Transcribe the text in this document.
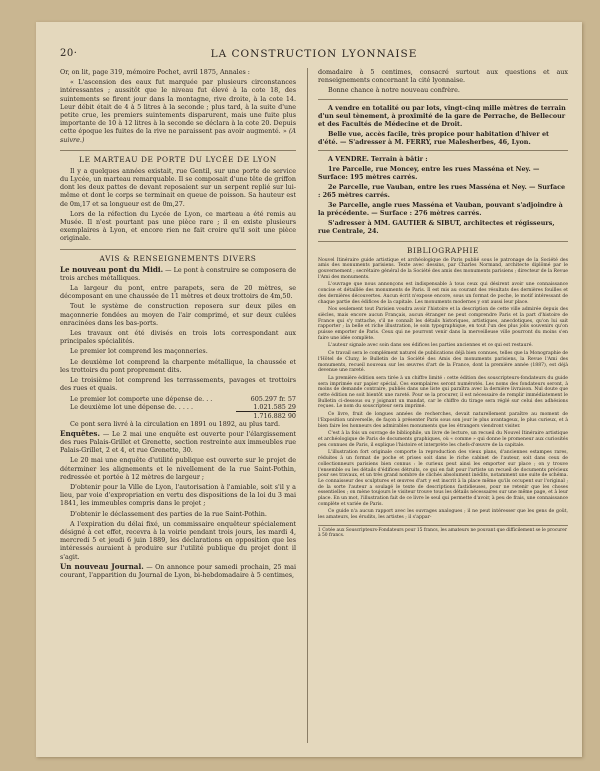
20·	LA CONSTRUCTION LYONNAISE

Or, on lit, page 319, mémoire Pochet, avril 1875, Annales :

« L'ascension des eaux fut marquée par plusieurs circonstances intéressantes ; aussitôt que le niveau fut élevé à la cote 18, des suintements se firent jour dans la montagne, rive droite, à la cote 14. Leur débit était de 4 à 5 litres à la seconde ; plus tard, à la suite d'une petite crue, les premiers suintements disparurent, mais une fuite plus importante de 10 à 12 litres à la seconde se déclara à la cote 20. Depuis cette époque les fuites de la rive ne paraissent pas avoir augmenté. » (A suivre.)

LE MARTEAU DE PORTE DU LYCÉE DE LYON

Il y a quelques années existait, rue Gentil, sur une porte de service du Lycée, un marteau remarquable. Il se composait d'une tête de griffon dont les deux pattes de devant reposaient sur un serpent replié sur lui-même et dont le corps se terminait en queue de poisson. Sa hauteur est de 0m,17 et sa longueur est de 0m,27.

Lors de la réfection du Lycée de Lyon, ce marteau a été remis au Musée. Il n'est pourtant pas une pièce rare ; il en existe plusieurs exemplaires à Lyon, et encore rien ne fait croire qu'il soit une pièce originale.

AVIS & RENSEIGNEMENTS DIVERS

Le nouveau pont du Midi. — Le pont à construire se composera de trois arches métalliques.

La largeur du pont, entre parapets, sera de 20 mètres, se décomposant en une chaussée de 11 mètres et deux trottoirs de 4m,50.

Tout le système de construction reposera sur deux piles en maçonnerie fondées au moyen de l'air comprimé, et sur deux culées enracinées dans les bas-ports.

Les travaux ont été divisés en trois lots correspondant aux principales spécialités.

Le premier lot comprend les maçonneries.

Le deuxième lot comprend la charpente métallique, la chaussée et les trottoirs du pont proprement dits.

Le troisième lot comprend les terrassements, pavages et trottoirs des rues et quais.

Le premier lot comporte une dépense de. . .	605.297 fr. 57
Le deuxième lot une dépense de. . . . .	1.021.585 29
1.716.882 90

Ce pont sera livré à la circulation en 1891 ou 1892, au plus tard.

Enquêtes. — Le 2 mai une enquête est ouverte pour l'élargissement des rues Palais-Grillet et Grenette, section restreinte aux immeubles rue Palais-Grillet, 2 et 4, et rue Grenette, 30.

Le 20 mai une enquête d'utilité publique est ouverte sur le projet de déterminer les alignements et le nivellement de la rue Saint-Pothin, redressée et portée à 12 mètres de largeur ;

D'obtenir pour la Ville de Lyon, l'autorisation à l'amiable, soit s'il y a lieu, par voie d'expropriation en vertu des dispositions de la loi du 3 mai 1841, les immeubles compris dans le projet ;

D'obtenir le déclassement des parties de la rue Saint-Pothin.

A l'expiration du délai fixé, un commissaire enquêteur spécialement désigné à cet effet, recevra à la voirie pendant trois jours, les mardi 4, mercredi 5 et jeudi 6 juin 1889, les déclarations en opposition que les intéressés auraient à produire sur l'utilité publique du projet dont il s'agit.

Un nouveau Journal. — On annonce pour samedi prochain, 25 mai courant, l'apparition du Journal de Lyon, bi-hebdomadaire à 5 centimes,

domadaire à 5 centimes, consacré surtout aux questions et aux renseignements concernant la cité lyonnaise.

Bonne chance à notre nouveau confrère.

A vendre en totalité ou par lots, vingt-cinq mille mètres de terrain d'un seul tènement, à proximité de la gare de Perrache, de Bellecour et des Facultés de Médecine et de Droit.

Belle vue, accès facile, très propice pour habitation d'hiver et d'été. — S'adresser à M. FERRY, rue Malesherbes, 46, Lyon.

A VENDRE. Terrain à bâtir :

1re Parcelle, rue Moncey, entre les rues Masséna et Ney. — Surface: 195 mètres carrés.

2e Parcelle, rue Vauban, entre les rues Masséna et Ney. — Surface : 265 mètres carrés.

3e Parcelle, angle rues Masséna et Vauban, pouvant s'adjoindre à la précédente. — Surface : 276 mètres carrés.

S'adresser à MM. GAUTIER & SIBUT, architectes et régisseurs, rue Centrale, 24.

BIBLIOGRAPHIE

Nouvel Itinéraire guide artistique et archéologique de Paris publié sous le patronage de la Société des amis des monuments parisiens. Texte avec dessins, par Charles Normand, architecte diplômé par le gouvernement ; secrétaire général de la Société des amis des monuments parisiens ; directeur de la Revue l'Ami des monuments.

L'ouvrage que nous annonçons est indispensable à tous ceux qui désirent avoir une connaissance concise et détaillée des monuments de Paris. Il est mis au courant des résultats des dernières fouilles et des dernières découvertes. Aucun écrit n'expose encore, sous un format de poche, le motif intéressant de chaque partie des édifices de la capitale. Les monuments modernes y ont aussi leur place.

Nos seulement tout Parisien voudra avoir l'histoire et la description de cette ville admirée depuis des siècles, mais encore aucun Français, aucun étranger ne peut comprendre Paris et la part d'histoire de France qui s'y rattache, s'il ne connaît les détails historiques, artistiques, anecdotiques, qu'on lui sait rapporter ; la belle et riche illustration, le soin typographique, en tout l'un des plus jolis souvenirs qu'on puisse emporter de Paris. Ceux qui ne pourront venir dans la merveilleuse ville pourront du moins s'en faire une idée complète.

L'auteur signale avec soin dans ses édifices les parties anciennes et ce qui est restauré.

Ce travail sera le complément naturel de publications déjà bien connues, telles que la Monographie de l'Hôtel de Cluny, le Bulletin de la Société des Amis des monuments parisiens, la Revue l'Ami des monuments, recueil nouveau sur les œuvres d'art de la France, dont la première année (1887), est déjà devenue une rareté.

La première édition sera tirée à un chiffre limité : cette édition des souscripteurs-fondateurs du guide sera imprimée sur papier spécial. Ces exemplaires seront numérotés. Les noms des fondateurs seront, à moins de demande contraire, publiés dans une liste qui paraîtra avec la dernière livraison. Nul doute que cette édition ne soit bientôt une rareté. Pour se la procurer, il est nécessaire de remplir immédiatement le Bulletin ci-dessous ou y joignant un mandat, car le chiffre du tirage sera réglé sur celui des adhésions reçues. Le nom du souscripteur sera imprimé.

Ce livre, fruit de longues années de recherches, devait naturellement paraître au moment de l'Exposition universelle, de façon à présenter Paris sous son jour le plus avantageux, le plus curieux, et à bien faire les honneurs des admirables monuments que les étrangers viendront visiter.

C'est à la fois un ouvrage de bibliophile, un livre de lecture, un recueil du Nouvel Itinéraire artistique et archéologique de Paris de documents graphiques, où « comme » qui donne le promeneur aux curiosités peu connues de Paris, il explique l'histoire et interprète les chefs-d'œuvre de la capitale.

L'illustration fort originale comporte la reproduction des vieux plans, d'anciennes estampes rares, réduites à un format de poche et prises soit dans le riche cabinet de l'auteur, soit dans ceux de collectionneurs parisiens bien connus : le curieux peut ainsi les emporter sur place ; on y trouve l'ensemble ou les détails d'édifices détruits, ce qui en fait pour l'artiste un recueil de documents précieux pour ses travaux, et un très grand nombre de clichés absolument inédits, notamment une suite de schéma. Le connaisseur des sculptures et œuvres d'art y est inscrit à la place même qu'ils occupent sur l'original ; de la sorte l'auteur a soulagé le texte de descriptions fastidieuses, pour ne retenir que les choses essentielles ; on mène toujours le visiteur trouve tous les détails nécessaires sur une même page, et à leur place. En un mot, l'illustration fait de ce livre le seul qui permette d'avoir, à peu de frais, une connaissance complète et variée de Paris.

Ce guide n'a aucun rapport avec les ouvrages analogues ; il ne peut intéresser que les gens de goût, les amateurs, les érudits, les artistes ; il s'appar-

1 Cotée aux Souscripteurs-Fondateurs pour 15 francs, les amateurs ne pouvant que difficilement se le procurer à 50 francs.
